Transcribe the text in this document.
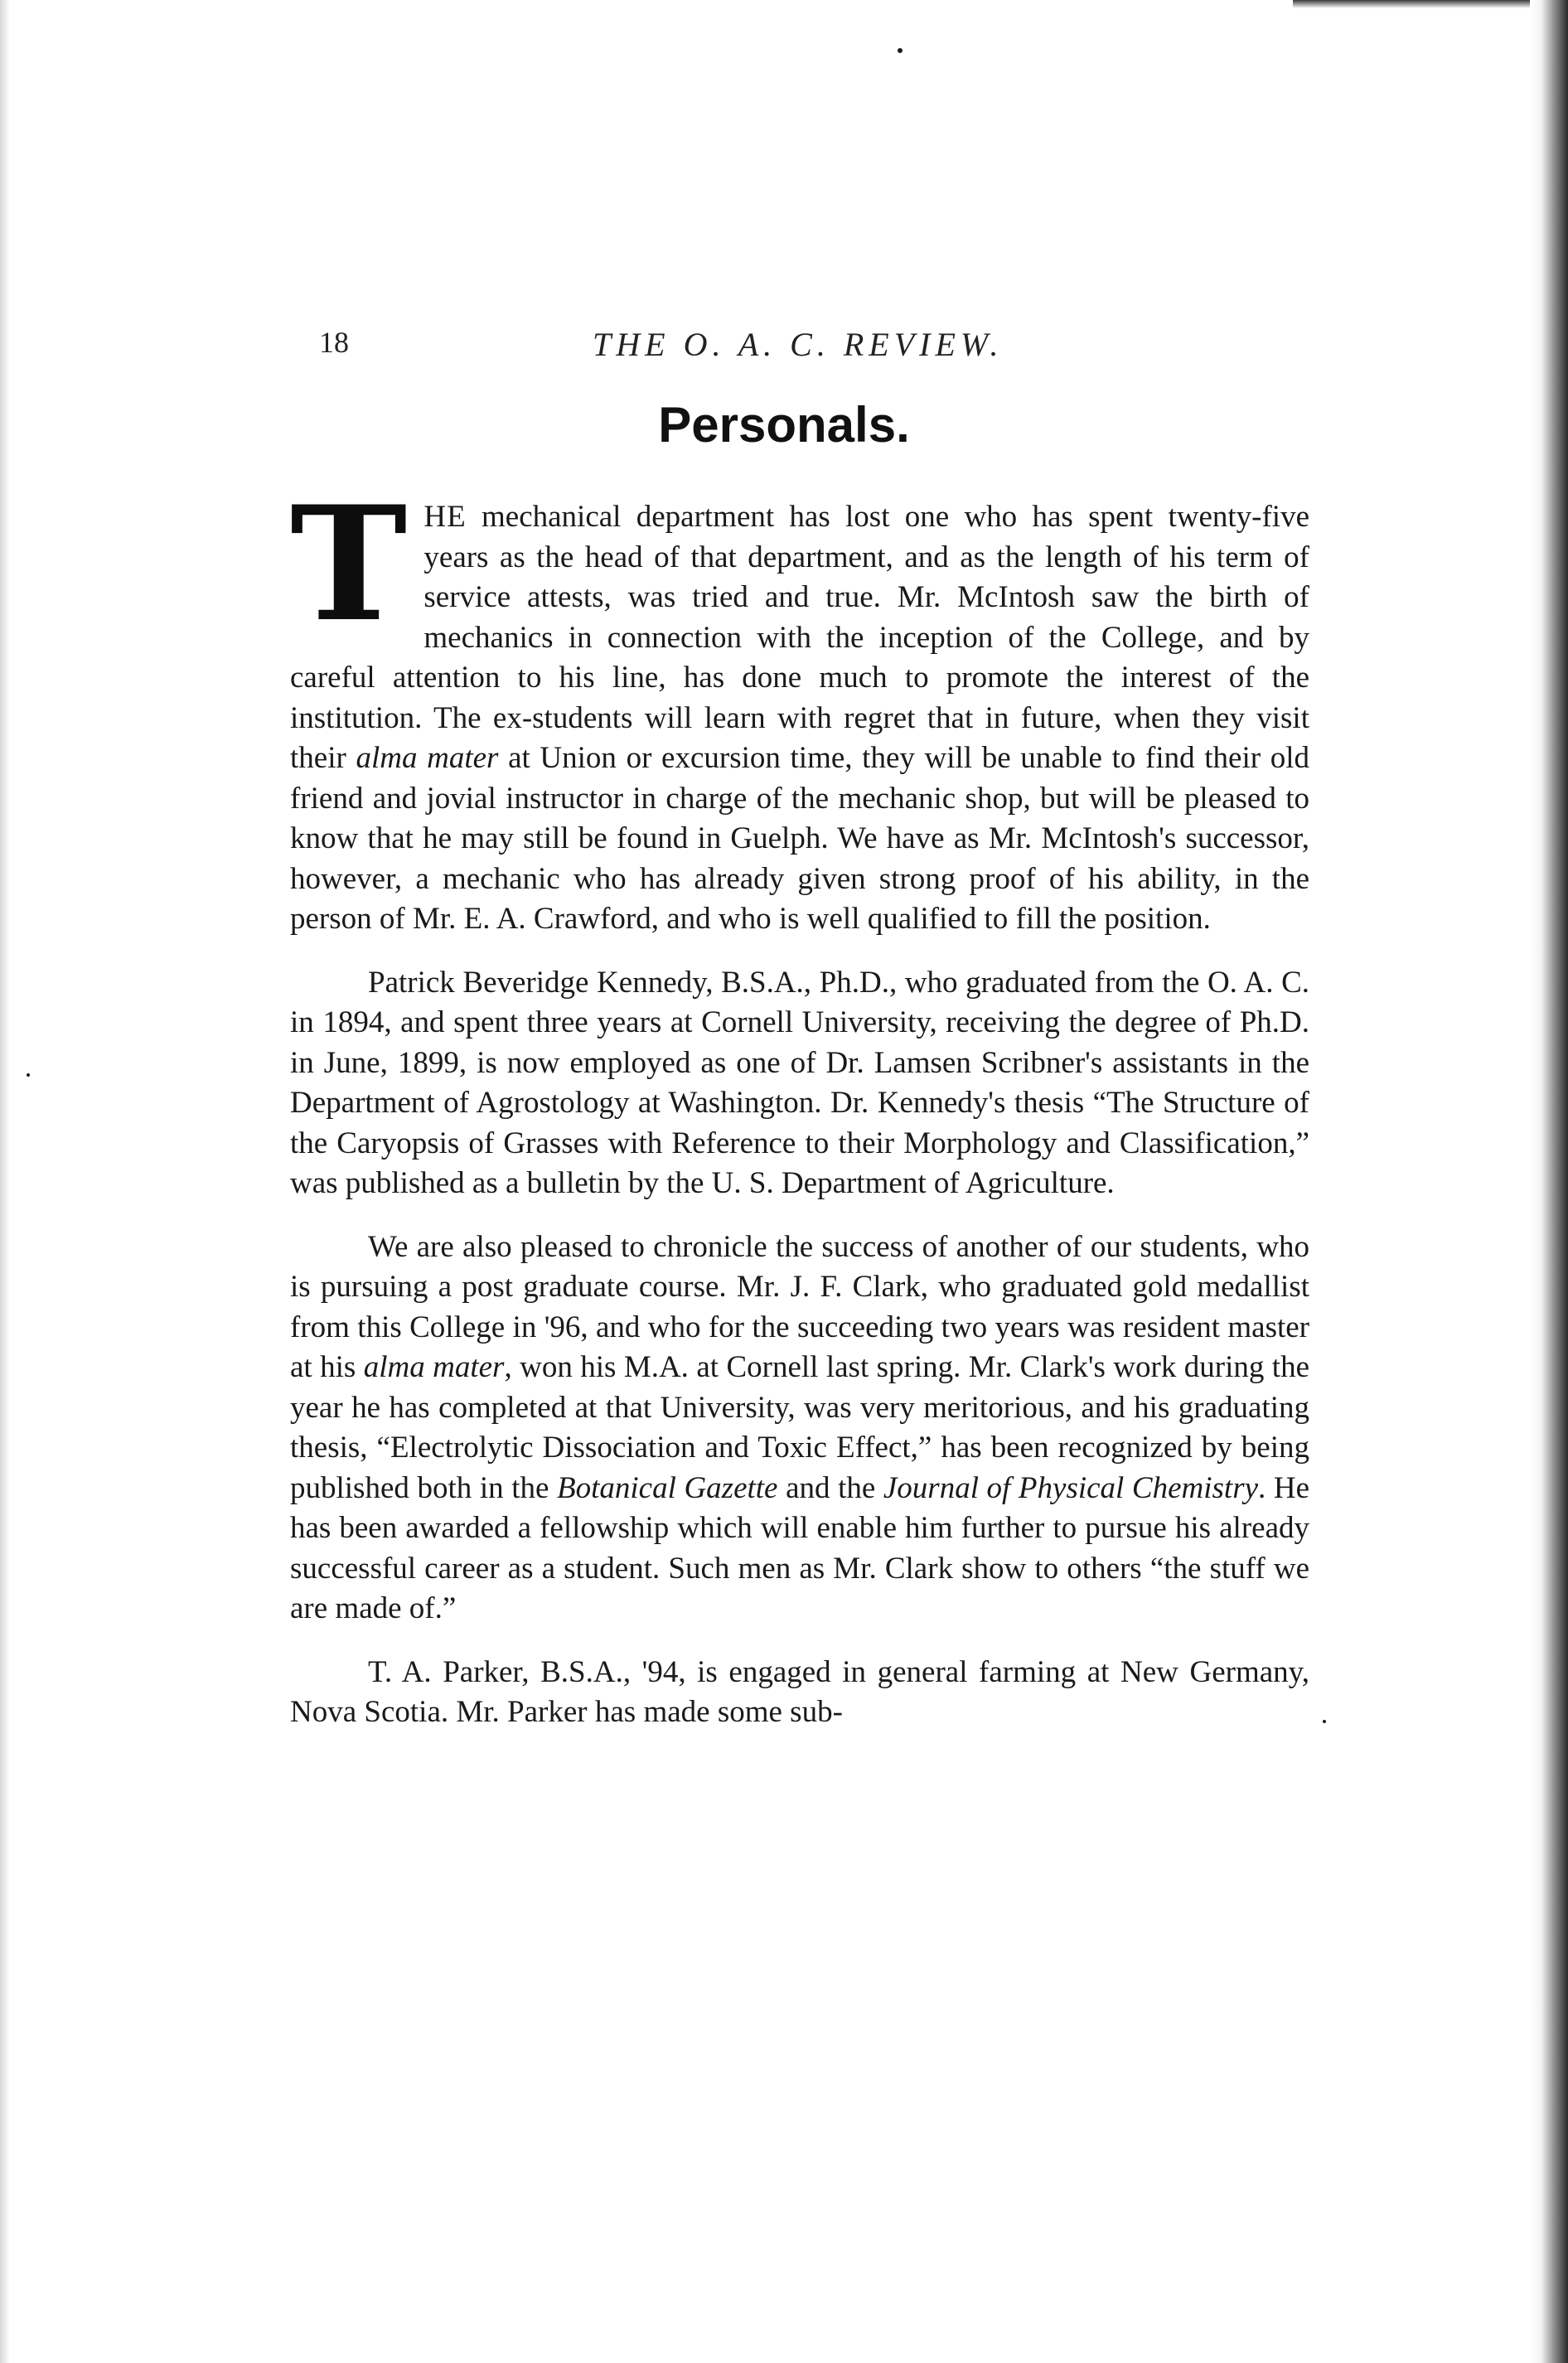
18	THE O. A. C. REVIEW.
Personals.

THE mechanical department has lost one who has spent twenty-five years as the head of that department, and as the length of his term of service attests, was tried and true. Mr. McIntosh saw the birth of mechanics in connection with the inception of the College, and by careful attention to his line, has done much to promote the interest of the institution. The ex-students will learn with regret that in future, when they visit their alma mater at Union or excursion time, they will be unable to find their old friend and jovial instructor in charge of the mechanic shop, but will be pleased to know that he may still be found in Guelph. We have as Mr. McIntosh's successor, however, a mechanic who has already given strong proof of his ability, in the person of Mr. E. A. Crawford, and who is well qualified to fill the position.

Patrick Beveridge Kennedy, B.S.A., Ph.D., who graduated from the O. A. C. in 1894, and spent three years at Cornell University, receiving the degree of Ph.D. in June, 1899, is now employed as one of Dr. Lamsen Scribner's assistants in the Department of Agrostology at Washington. Dr. Kennedy's thesis “The Structure of the Caryopsis of Grasses with Reference to their Morphology and Classification,” was published as a bulletin by the U. S. Department of Agriculture.

We are also pleased to chronicle the success of another of our students, who is pursuing a post graduate course. Mr. J. F. Clark, who graduated gold medallist from this College in '96, and who for the succeeding two years was resident master at his alma mater, won his M.A. at Cornell last spring. Mr. Clark's work during the year he has completed at that University, was very meritorious, and his graduating thesis, “Electrolytic Dissociation and Toxic Effect,” has been recognized by being published both in the Botanical Gazette and the Journal of Physical Chemistry. He has been awarded a fellowship which will enable him further to pursue his already successful career as a student. Such men as Mr. Clark show to others “the stuff we are made of.”

T. A. Parker, B.S.A., '94, is engaged in general farming at New Germany, Nova Scotia. Mr. Parker has made some sub-
